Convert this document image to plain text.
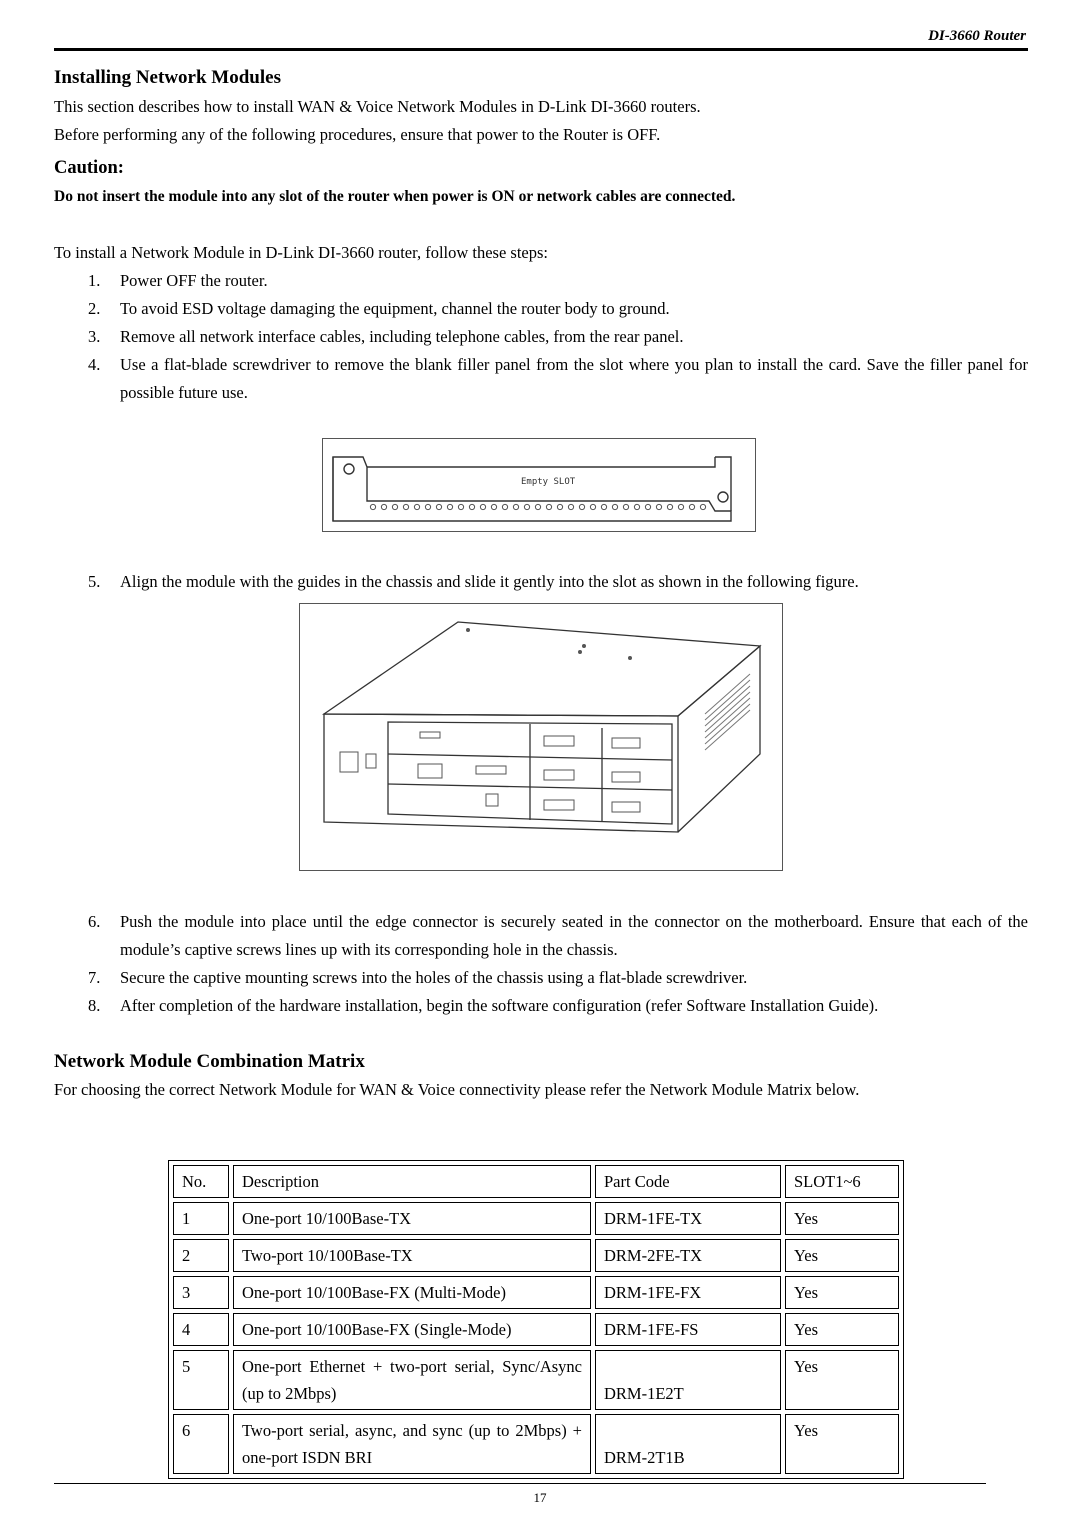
DI-3660 Router
Installing Network Modules

This section describes how to install WAN & Voice Network Modules in D-Link DI-3660 routers.

Before performing any of the following procedures, ensure that power to the Router is OFF.

Caution:
Do not insert the module into any slot of the router when power is ON or network cables are connected.

To install a Network Module in D-Link DI-3660 router, follow these steps:

1. Power OFF the router.
2. To avoid ESD voltage damaging the equipment, channel the router body to ground.
3. Remove all network interface cables, including telephone cables, from the rear panel.
4. Use a flat-blade screwdriver to remove the blank filler panel from the slot where you plan to install the card. Save the filler panel for possible future use.
Empty SLOT
5. Align the module with the guides in the chassis and slide it gently into the slot as shown in the following figure.
6. Push the module into place until the edge connector is securely seated in the connector on the motherboard. Ensure that each of the module’s captive screws lines up with its corresponding hole in the chassis.
7. Secure the captive mounting screws into the holes of the chassis using a flat-blade screwdriver.
8. After completion of the hardware installation, begin the software configuration (refer Software Installation Guide).
Network Module Combination Matrix

For choosing the correct Network Module for WAN & Voice connectivity please refer the Network Module Matrix below.

No.	Description	Part Code	SLOT1~6
1	One-port 10/100Base-TX	DRM-1FE-TX	Yes
2	Two-port 10/100Base-TX	DRM-2FE-TX	Yes
3	One-port 10/100Base-FX (Multi-Mode)	DRM-1FE-FX	Yes
4	One-port 10/100Base-FX (Single-Mode)	DRM-1FE-FS	Yes
5	One-port Ethernet + two-port serial, Sync/Async (up to 2Mbps)	DRM-1E2T	Yes
6	Two-port serial, async, and sync (up to 2Mbps) + one-port ISDN BRI	DRM-2T1B	Yes
17
